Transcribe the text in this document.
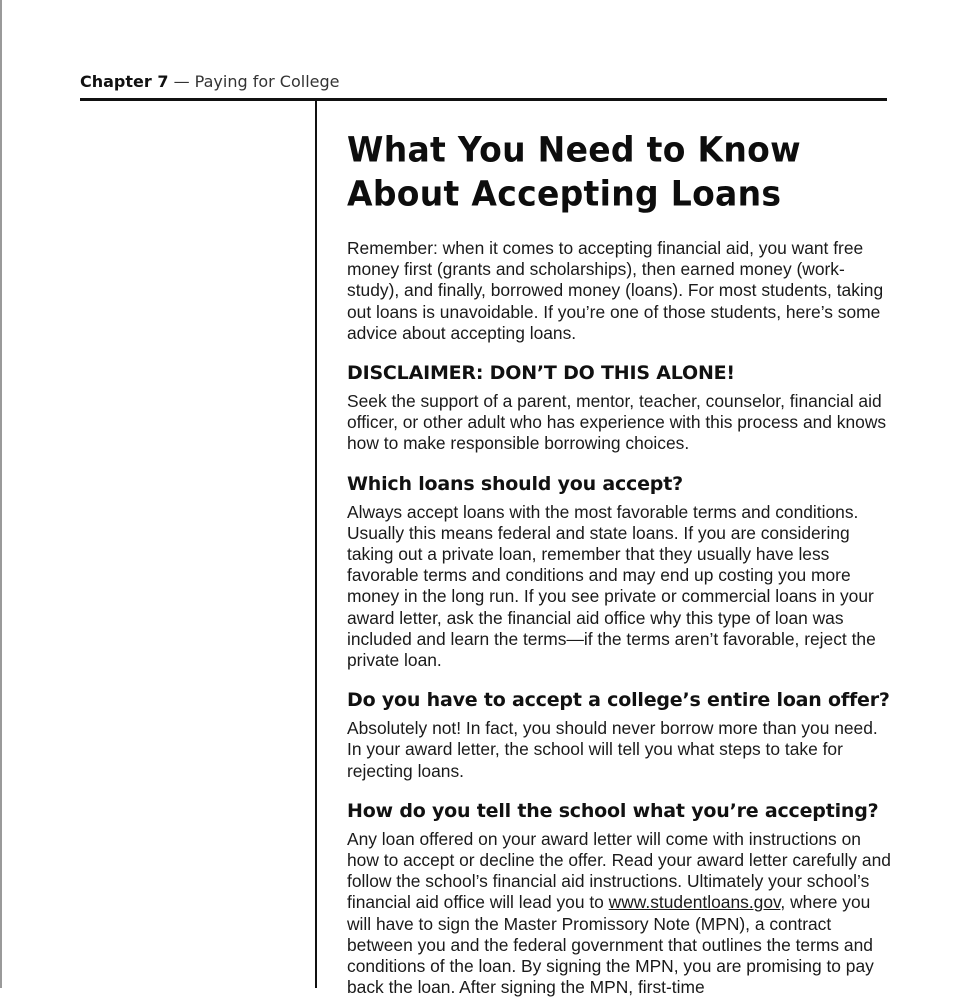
Chapter 7 — Paying for College
What You Need to Know
About Accepting Loans

Remember: when it comes to accepting financial aid, you want free money first (grants and scholarships), then earned money (work-study), and finally, borrowed money (loans). For most students, taking out loans is unavoidable. If you’re one of those students, here’s some advice about accepting loans.

DISCLAIMER: DON’T DO THIS ALONE!

Seek the support of a parent, mentor, teacher, counselor, financial aid officer, or other adult who has experience with this process and knows how to make responsible borrowing choices.

Which loans should you accept?

Always accept loans with the most favorable terms and conditions. Usually this means federal and state loans. If you are considering taking out a private loan, remember that they usually have less favorable terms and conditions and may end up costing you more money in the long run. If you see private or commercial loans in your award letter, ask the financial aid office why this type of loan was included and learn the terms—if the terms aren’t favorable, reject the private loan.

Do you have to accept a college’s entire loan offer?

Absolutely not! In fact, you should never borrow more than you need. In your award letter, the school will tell you what steps to take for rejecting loans.

How do you tell the school what you’re accepting?

Any loan offered on your award letter will come with instructions on how to accept or decline the offer. Read your award letter carefully and follow the school’s financial aid instructions. Ultimately your school’s financial aid office will lead you to www.studentloans.gov, where you will have to sign the Master Promissory Note (MPN), a contract between you and the federal government that outlines the terms and conditions of the loan. By signing the MPN, you are promising to pay back the loan. After signing the MPN, first-time
